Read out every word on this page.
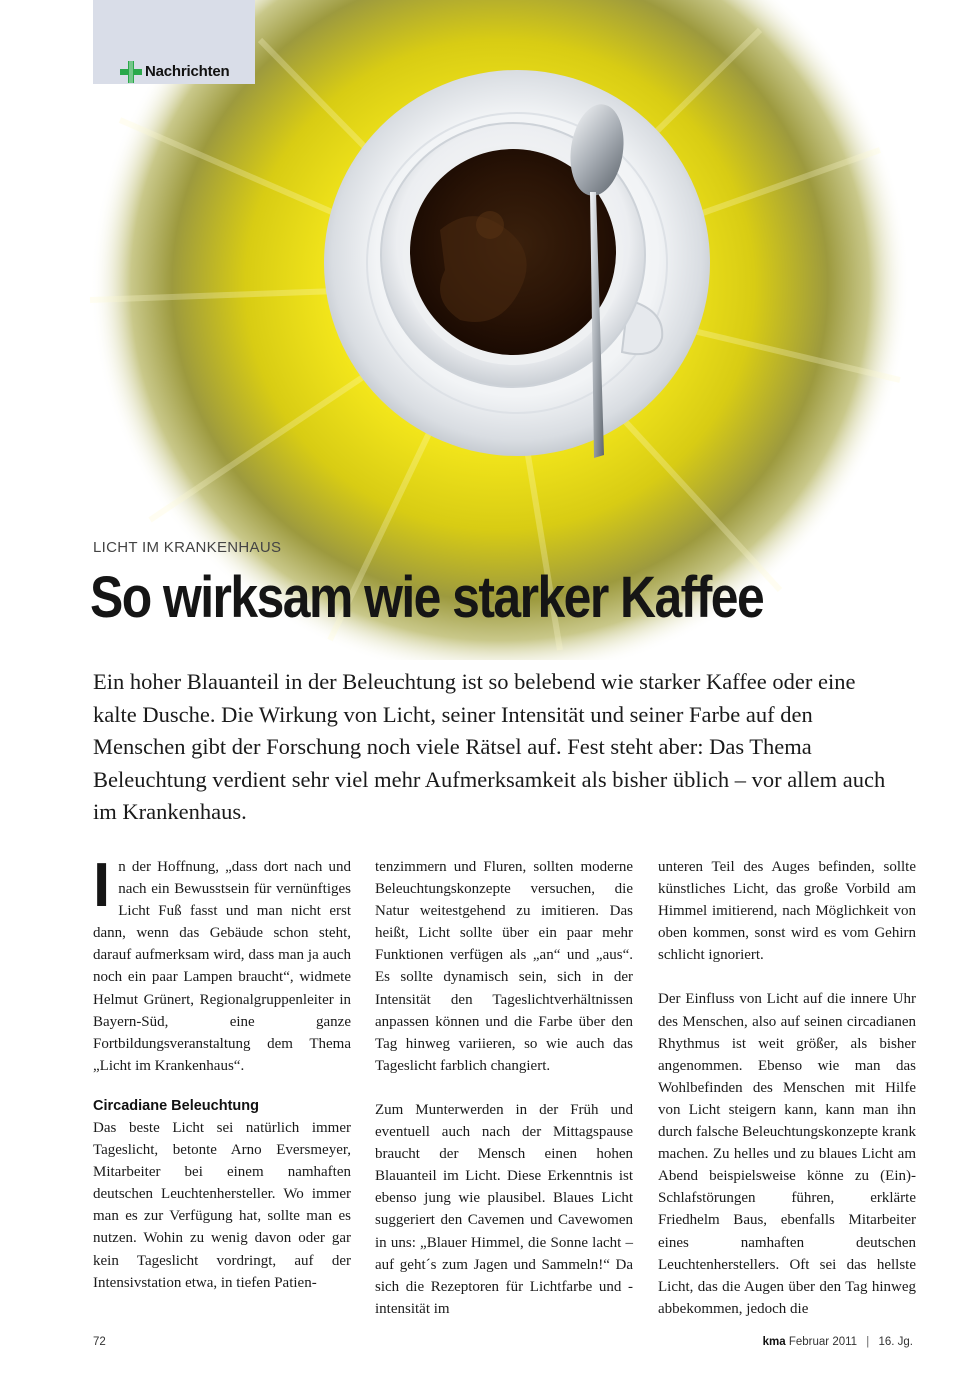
Nachrichten
LICHT IM KRANKENHAUS
So wirksam wie starker Kaffee

Ein hoher Blauanteil in der Beleuchtung ist so belebend wie starker Kaffee oder eine kalte Dusche. Die Wirkung von Licht, seiner Intensität und seiner Farbe auf den Menschen gibt der Forschung noch viele Rätsel auf. Fest steht aber: Das Thema Beleuchtung verdient sehr viel mehr Aufmerksamkeit als bisher üblich – vor allem auch im Krankenhaus.

In der Hoffnung, „dass dort nach und nach ein Bewusstsein für vernünftiges Licht Fuß fasst und man nicht erst dann, wenn das Gebäude schon steht, darauf aufmerksam wird, dass man ja auch noch ein paar Lampen braucht“, widmete Helmut Grünert, Regionalgruppenleiter in Bayern-Süd, eine ganze Fortbildungsveranstaltung dem Thema „Licht im Krankenhaus“.

Circadiane Beleuchtung

Das beste Licht sei natürlich immer Tageslicht, betonte Arno Eversmeyer, Mitarbeiter bei einem namhaften deutschen Leuchtenhersteller. Wo immer man es zur Verfügung hat, sollte man es nutzen. Wohin zu wenig davon oder gar kein Tageslicht vordringt, auf der Intensivstation etwa, in tiefen Patien-

tenzimmern und Fluren, sollten moderne Beleuchtungskonzepte versuchen, die Natur weitestgehend zu imitieren. Das heißt, Licht sollte über ein paar mehr Funktionen verfügen als „an“ und „aus“. Es sollte dynamisch sein, sich in der Intensität den Tageslichtverhältnissen anpassen können und die Farbe über den Tag hinweg variieren, so wie auch das Tageslicht farblich changiert.

Zum Munterwerden in der Früh und eventuell auch nach der Mittagspause braucht der Mensch einen hohen Blauanteil im Licht. Diese Erkenntnis ist ebenso jung wie plausibel. Blaues Licht suggeriert den Cavemen und Cavewomen in uns: „Blauer Himmel, die Sonne lacht – auf geht´s zum Jagen und Sammeln!“ Da sich die Rezeptoren für Lichtfarbe und -intensität im

unteren Teil des Auges befinden, sollte künstliches Licht, das große Vorbild am Himmel imitierend, nach Möglichkeit von oben kommen, sonst wird es vom Gehirn schlicht ignoriert.

Der Einfluss von Licht auf die innere Uhr des Menschen, also auf seinen circadianen Rhythmus ist weit größer, als bisher angenommen. Ebenso wie man das Wohlbefinden des Menschen mit Hilfe von Licht steigern kann, kann man ihn durch falsche Beleuchtungskonzepte krank machen. Zu helles und zu blaues Licht am Abend beispielsweise könne zu (Ein)-Schlafstörungen führen, erklärte Friedhelm Baus, ebenfalls Mitarbeiter eines namhaften deutschen Leuchtenherstellers. Oft sei das hellste Licht, das die Augen über den Tag hinweg abbekommen, jedoch die

72	kma Februar 2011 | 16. Jg.
